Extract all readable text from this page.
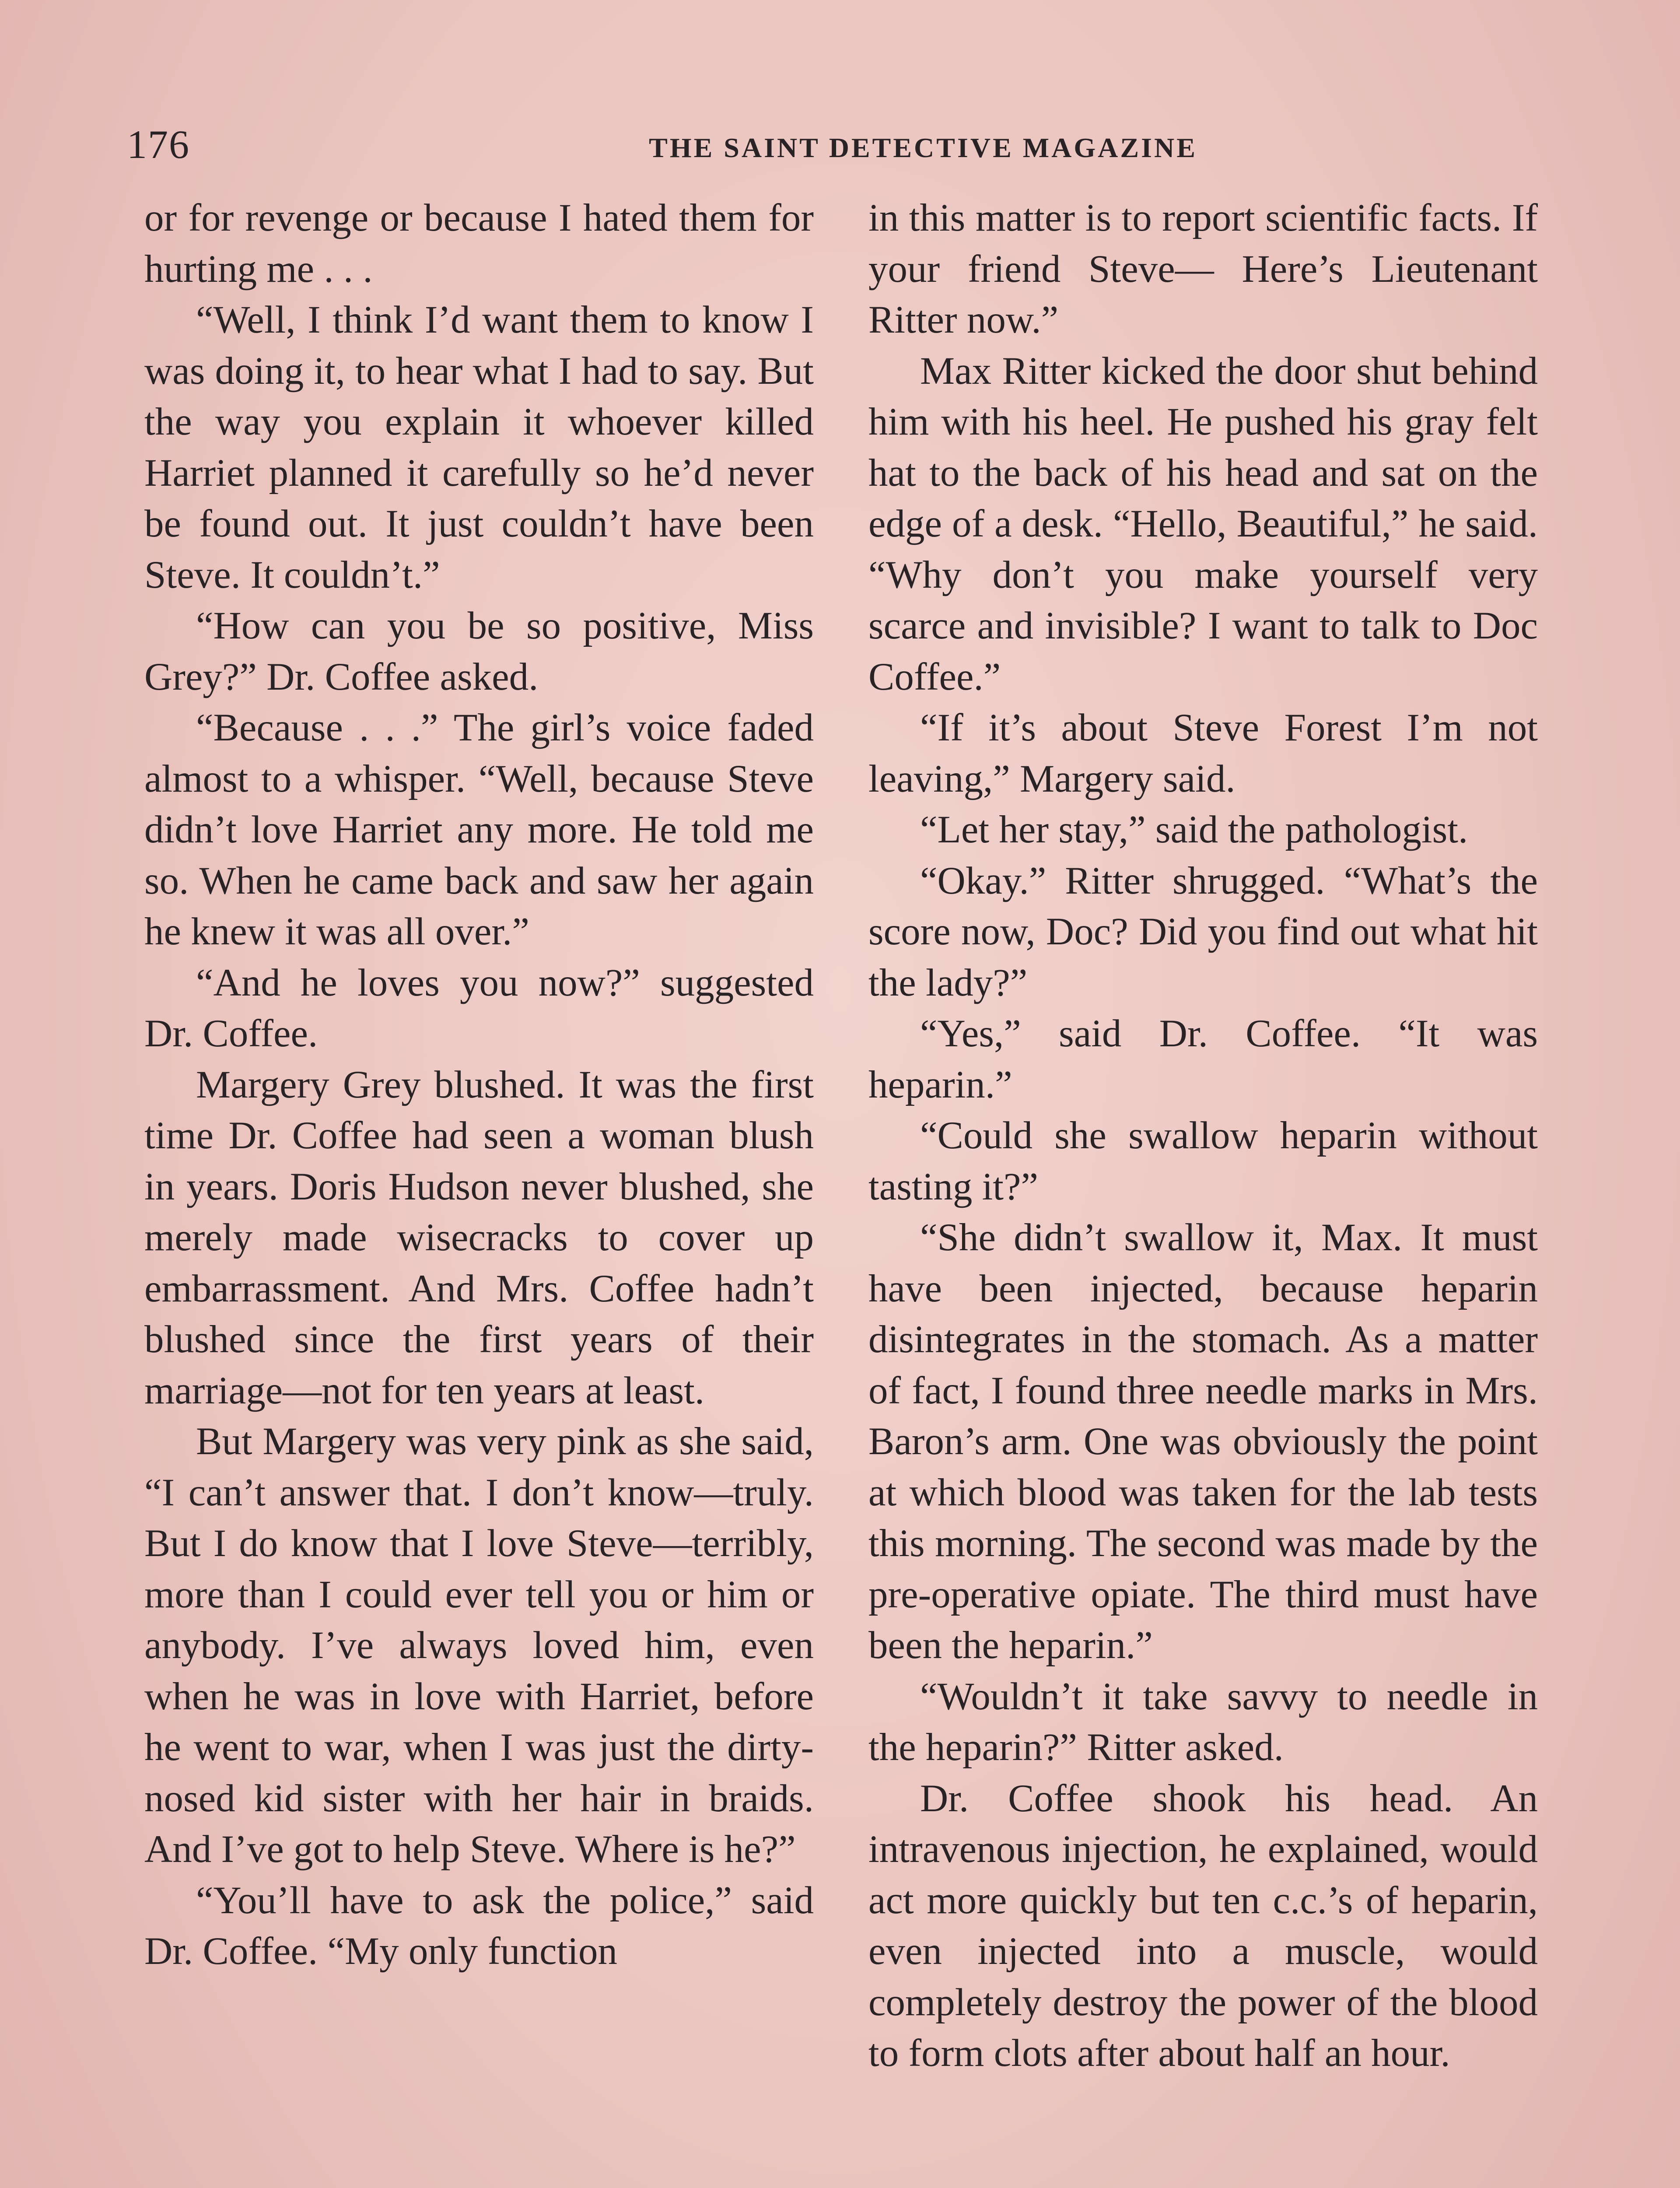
176	THE SAINT DETECTIVE MAGAZINE

or for revenge or because I hated them for hurting me . . .

“Well, I think I’d want them to know I was doing it, to hear what I had to say. But the way you explain it whoever killed Harriet planned it carefully so he’d never be found out. It just couldn’t have been Steve. It couldn’t.”

“How can you be so positive, Miss Grey?” Dr. Coffee asked.

“Because . . .” The girl’s voice faded almost to a whisper. “Well, because Steve didn’t love Harriet any more. He told me so. When he came back and saw her again he knew it was all over.”

“And he loves you now?” suggested Dr. Coffee.

Margery Grey blushed. It was the first time Dr. Coffee had seen a woman blush in years. Doris Hudson never blushed, she merely made wisecracks to cover up embarrassment. And Mrs. Coffee hadn’t blushed since the first years of their marriage—not for ten years at least.

But Margery was very pink as she said, “I can’t answer that. I don’t know—truly. But I do know that I love Steve—terribly, more than I could ever tell you or him or anybody. I’ve always loved him, even when he was in love with Harriet, before he went to war, when I was just the dirty-nosed kid sister with her hair in braids. And I’ve got to help Steve. Where is he?”

“You’ll have to ask the police,” said Dr. Coffee. “My only function

in this matter is to report scientific facts. If your friend Steve— Here’s Lieutenant Ritter now.”

Max Ritter kicked the door shut behind him with his heel. He pushed his gray felt hat to the back of his head and sat on the edge of a desk. “Hello, Beautiful,” he said. “Why don’t you make yourself very scarce and invisible? I want to talk to Doc Coffee.”

“If it’s about Steve Forest I’m not leaving,” Margery said.

“Let her stay,” said the pathologist.

“Okay.” Ritter shrugged. “What’s the score now, Doc? Did you find out what hit the lady?”

“Yes,” said Dr. Coffee. “It was heparin.”

“Could she swallow heparin without tasting it?”

“She didn’t swallow it, Max. It must have been injected, because heparin disintegrates in the stomach. As a matter of fact, I found three needle marks in Mrs. Baron’s arm. One was obviously the point at which blood was taken for the lab tests this morning. The second was made by the pre-operative opiate. The third must have been the heparin.”

“Wouldn’t it take savvy to needle in the heparin?” Ritter asked.

Dr. Coffee shook his head. An intravenous injection, he explained, would act more quickly but ten c.c.’s of heparin, even injected into a muscle, would completely destroy the power of the blood to form clots after about half an hour.
